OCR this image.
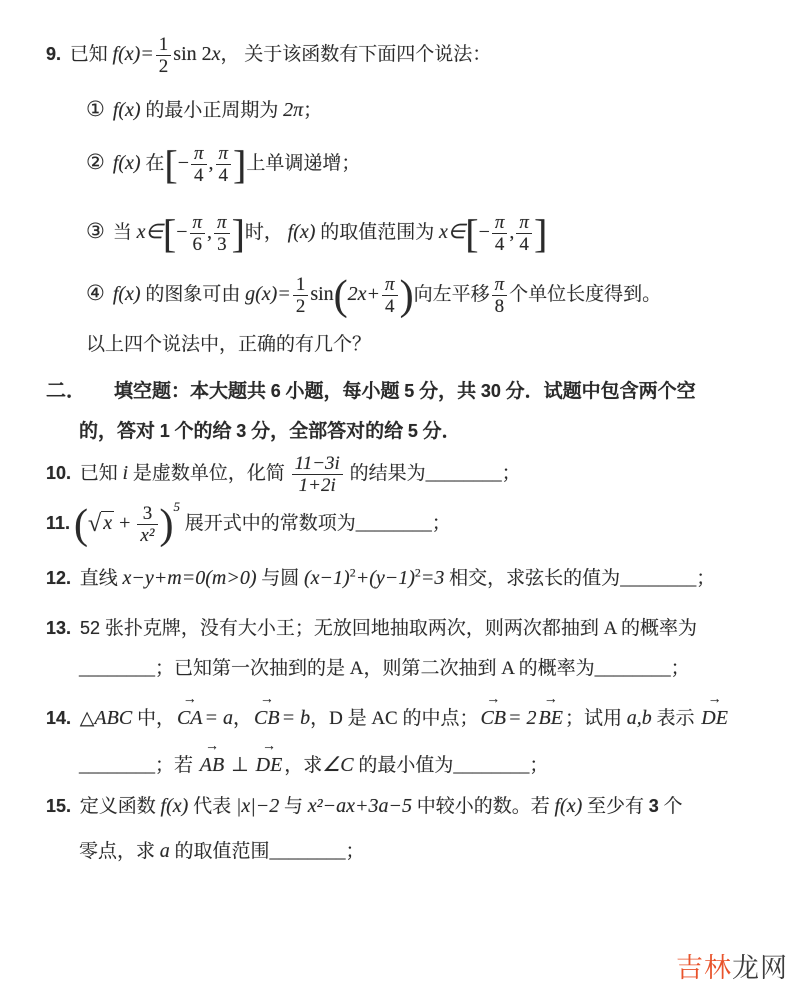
9. 已知 $f(x)= \frac{1}{2}$ sin 2x， 关于该函数有下面四个说法：
① f(x) 的最小正周期为 2π；
② f(x) 在[− $\frac{\pi}{4}$ , $\frac{\pi}{4}$ ]上单调递增；
③ 当 x∈[− $\frac{\pi}{6}$ , $\frac{\pi}{3}$ ]时， f(x) 的取值范围为 x∈[− $\frac{\pi}{4}$ , $\frac{\pi}{4}$ ]
④ f(x) 的图象可由 $g(x)= \frac{1}{2} \sin(2x+ \frac{\pi}{4}$ )向左平移 $\frac{\pi}{8}$ 个单位长度得到。
以上四个说法中，正确的有几个？
二． 填空题：本大题共 6 小题，每小题 5 分，共 30 分．试题中包含两个空
的，答对 1 个的给 3 分，全部答对的给 5 分．
10. 已知 i 是虚数单位，化简 $\frac{11-3i}{1+2i}$ 的结果为________；
11.(√ $x + \frac{3}{\text{x²}} )^5$ 展开式中的常数项为________；
12. 直线 x−y+m=0(m>0) 与圆 $(x-1)^2+(y-1)^2=3$ 相交，求弦长的值为________；
13. 52 张扑克牌，没有大小王；无放回地抽取两次，则两次都抽到 A 的概率为
________；已知第一次抽到的是 A，则第二次抽到 A 的概率为________；
14. △ABC 中，
→
CA = a，
→
CB = b，D 是 AC 的中点；
→
CB = 2
→
BE ；试用 a,b 表示
→
DE
________；若
→
AB ⊥
→
DE ，求∠C 的最小值为________；
15. 定义函数 f(x) 代表 |x|−2 与 x²−ax+3a−5 中较小的数。若 f(x) 至少有 3 个
零点，求 a 的取值范围________；
吉林龙网
